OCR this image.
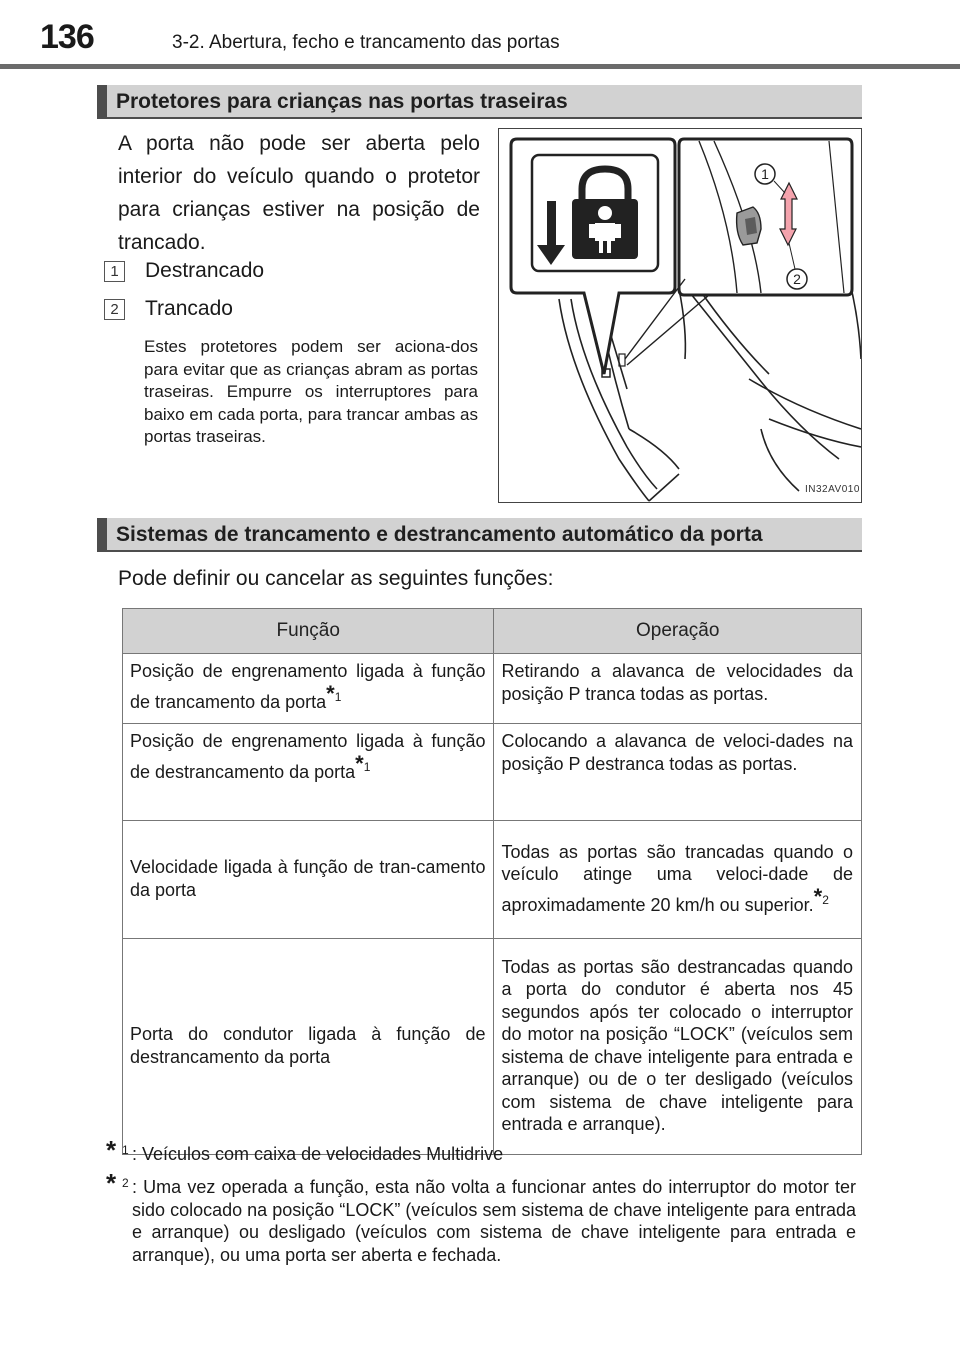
136	3-2. Abertura, fecho e trancamento das portas
Protetores para crianças nas portas traseiras
A porta não pode ser aberta pelo interior do veículo quando o protetor para crianças estiver na posição de trancado.
1	Destrancado
2	Trancado
Estes protetores podem ser aciona-dos para evitar que as crianças abram as portas traseiras. Empurre os interruptores para baixo em cada porta, para trancar ambas as portas traseiras.
1
2
IN32AV010
Sistemas de trancamento e destrancamento automático da porta
Pode definir ou cancelar as seguintes funções:
Função	Operação
Posição de engrenamento ligada à função de trancamento da porta$^{*1}$	Retirando a alavanca de velocidades da posição P tranca todas as portas.
Posição de engrenamento ligada à função de destrancamento da porta$^{*1}$	Colocando a alavanca de veloci-dades na posição P destranca todas as portas.
Velocidade ligada à função de tran-camento da porta	Todas as portas são trancadas quando o veículo atinge uma veloci-dade de aproximadamente 20 km/h ou superior.$^{*2}$
Porta do condutor ligada à função de destrancamento da porta	Todas as portas são destrancadas quando a porta do condutor é aberta nos 45 segundos após ter colocado o interruptor do motor na posição “LOCK” (veículos sem sistema de chave inteligente para entrada e arranque) ou de o ter desligado (veículos com sistema de chave inteligente para entrada e arranque).
* 1 : Veículos com caixa de velocidades Multidrive
* 2 : Uma vez operada a função, esta não volta a funcionar antes do interruptor do motor ter sido colocado na posição “LOCK” (veículos sem sistema de chave inteligente para entrada e arranque) ou desligado (veículos com sistema de chave inteligente para entrada e arranque), ou uma porta ser aberta e fechada.
